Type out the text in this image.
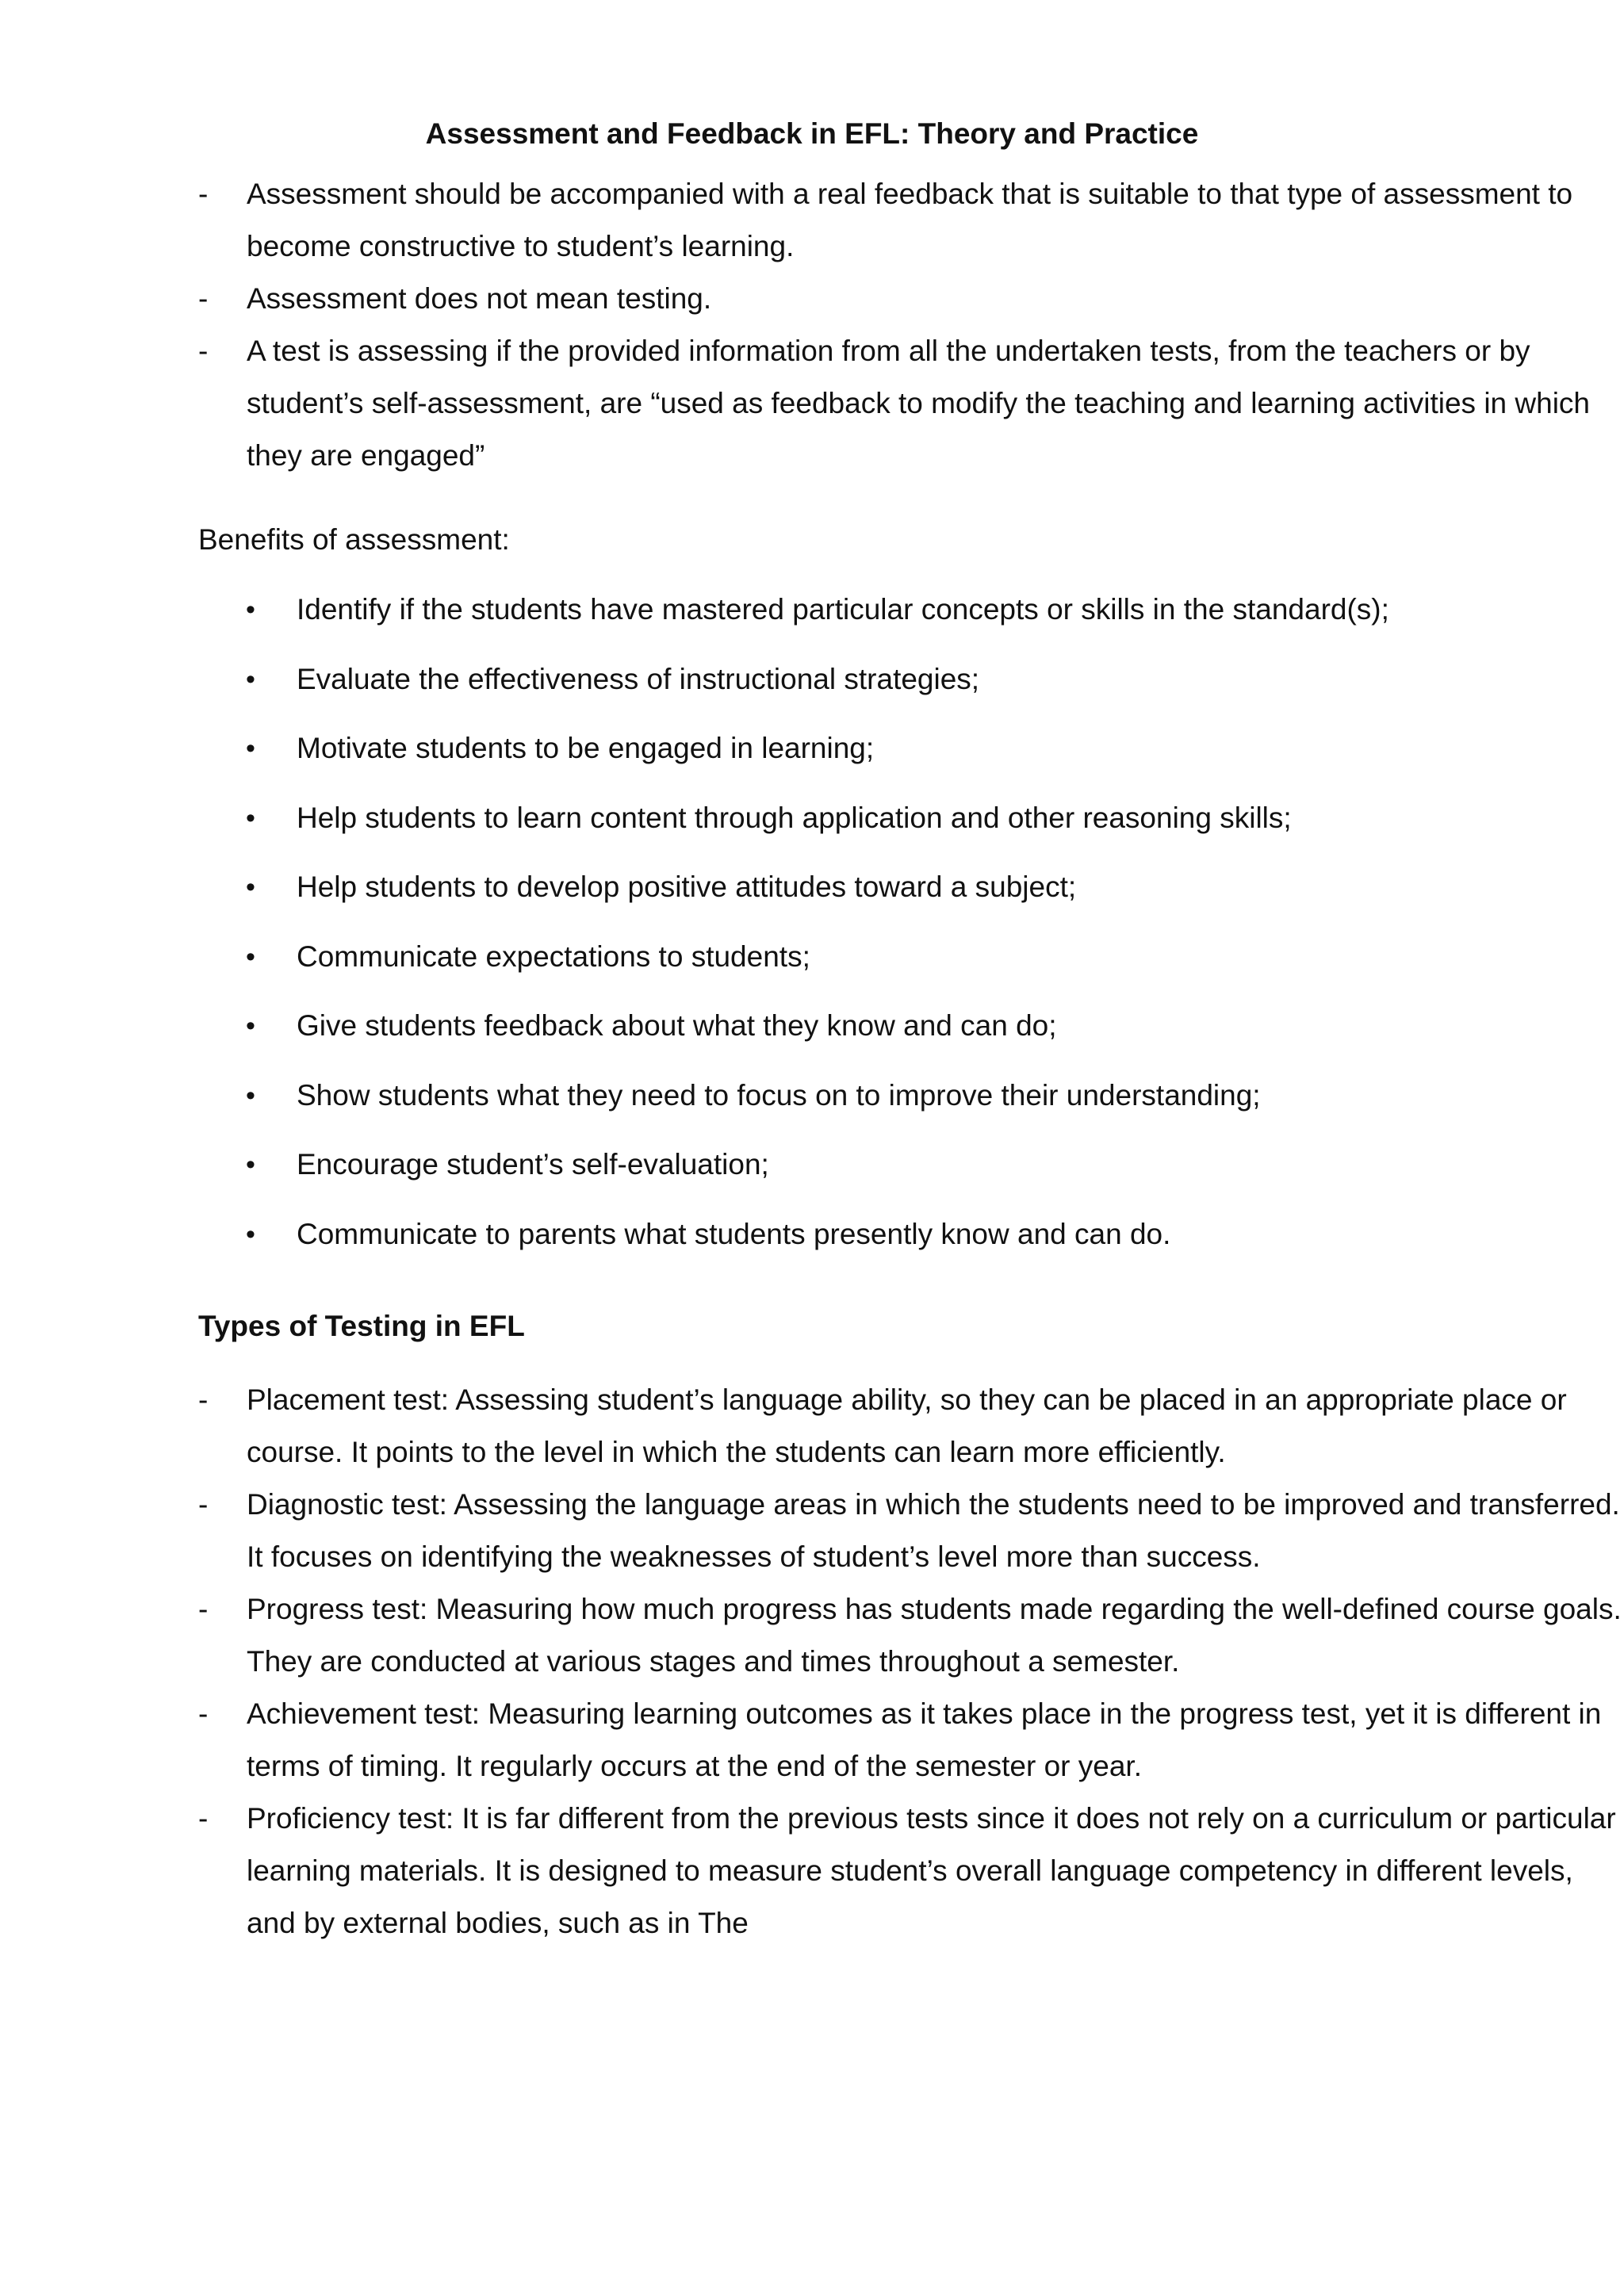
Assessment and Feedback in EFL: Theory and Practice
- Assessment should be accompanied with a real feedback that is suitable to that type of assessment to become constructive to student’s learning.
- Assessment does not mean testing.
- A test is assessing if the provided information from all the undertaken tests, from the teachers or by student’s self-assessment, are “used as feedback to modify the teaching and learning activities in which they are engaged”
Benefits of assessment:
• Identify if the students have mastered particular concepts or skills in the standard(s);
• Evaluate the effectiveness of instructional strategies;
• Motivate students to be engaged in learning;
• Help students to learn content through application and other reasoning skills;
• Help students to develop positive attitudes toward a subject;
• Communicate expectations to students;
• Give students feedback about what they know and can do;
• Show students what they need to focus on to improve their understanding;
• Encourage student’s self-evaluation;
• Communicate to parents what students presently know and can do.
Types of Testing in EFL
- Placement test: Assessing student’s language ability, so they can be placed in an appropriate place or course. It points to the level in which the students can learn more efficiently.
- Diagnostic test: Assessing the language areas in which the students need to be improved and transferred. It focuses on identifying the weaknesses of student’s level more than success.
- Progress test: Measuring how much progress has students made regarding the well-defined course goals. They are conducted at various stages and times throughout a semester.
- Achievement test: Measuring learning outcomes as it takes place in the progress test, yet it is different in terms of timing. It regularly occurs at the end of the semester or year.
- Proficiency test: It is far different from the previous tests since it does not rely on a curriculum or particular learning materials. It is designed to measure student’s overall language competency in different levels, and by external bodies, such as in The
